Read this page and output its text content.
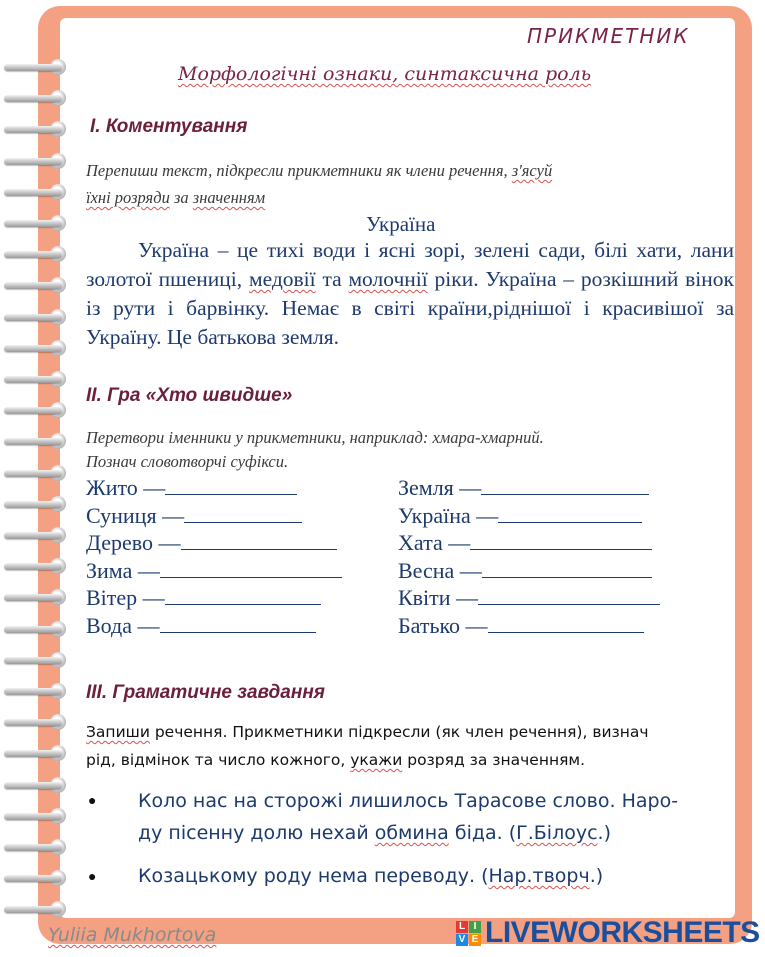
ПРИКМЕТНИК
Морфологічні ознаки, синтаксична роль
І. Коментування
Перепиши текст, підкресли прикметники як члени речення, з'ясуй
їхні розряди за значенням
Україна

Україна – це тихі води і ясні зорі, зелені сади, білі хати, лани золотої пшениці, медовії та молочнії ріки. Україна – розкішний вінок із рути і барвінку. Немає в світі країни,ріднішої і красивішої за Україну. Це батькова земля.

ІІ. Гра «Хто швидше»
Перетвори іменники у прикметники, наприклад: хмара-хмарний.
Познач словотворчі суфікси.
Жито —
Суниця —
Дерево —
Зима —
Вітер —
Вода —
Земля —
Україна —
Хата —
Весна —
Квіти —
Батько —
ІІІ. Граматичне завдання
Запиши речення. Прикметники підкресли (як член речення), визнач
рід, відмінок та число кожного, укажи розряд за значенням.
● Коло нас на сторожі лишилось Тарасове слово. Наро-
ду пісенну долю нехай обмина біда. (Г.Білоус.)
● Козацькому роду нема переводу. (Нар.творч.)
Yuliia Mukhortova	L I
V E LIVEWORKSHEETS
